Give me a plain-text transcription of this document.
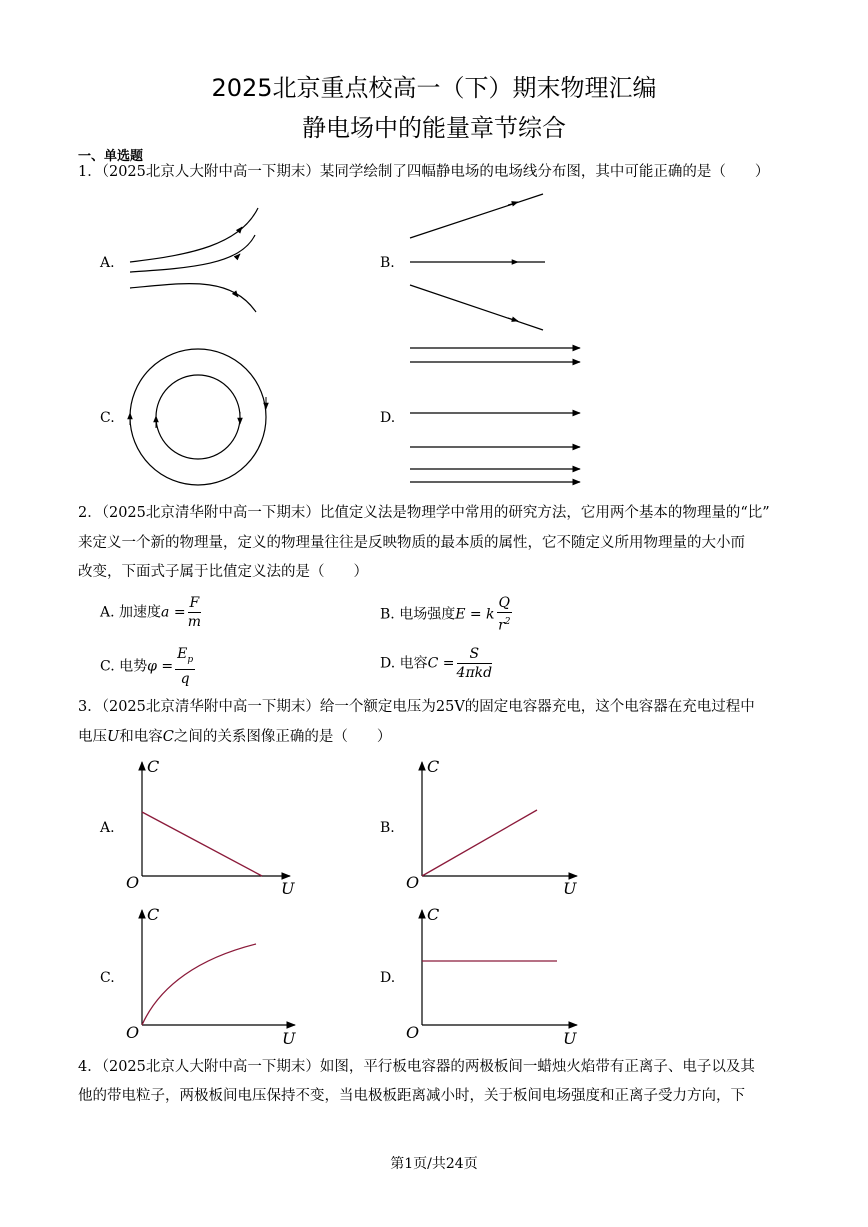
2025北京重点校高一（下）期末物理汇编
静电场中的能量章节综合
一、单选题
1．（2025北京人大附中高一下期末）某同学绘制了四幅静电场的电场线分布图，其中可能正确的是（　　）
A.	B.
C.	D.
2．（2025北京清华附中高一下期末）比值定义法是物理学中常用的研究方法，它用两个基本的物理量的“比”
来定义一个新的物理量，定义的物理量往往是反映物质的最本质的属性，它不随定义所用物理量的大小而
改变，下面式子属于比值定义法的是（　　）
A. 加速度$a = \frac{F}{m}$	B. 电场强度E = k $\frac{Q}{r^2}$
C. 电势$\varphi = \frac{E_p}{q}$	D. 电容$C = \frac{S}{\text{4πkd}}$
3．（2025北京清华附中高一下期末）给一个额定电压为25V的固定电容器充电，这个电容器在充电过程中
电压U和电容C之间的关系图像正确的是（　　）
A.	B.
C.	D.
C
U
O
C
U
O
C
U
O
C
U
O
4．（2025北京人大附中高一下期末）如图，平行板电容器的两极板间一蜡烛火焰带有正离子、电子以及其
他的带电粒子，两极板间电压保持不变，当电极板距离减小时，关于板间电场强度和正离子受力方向，下
第1页/共24页
